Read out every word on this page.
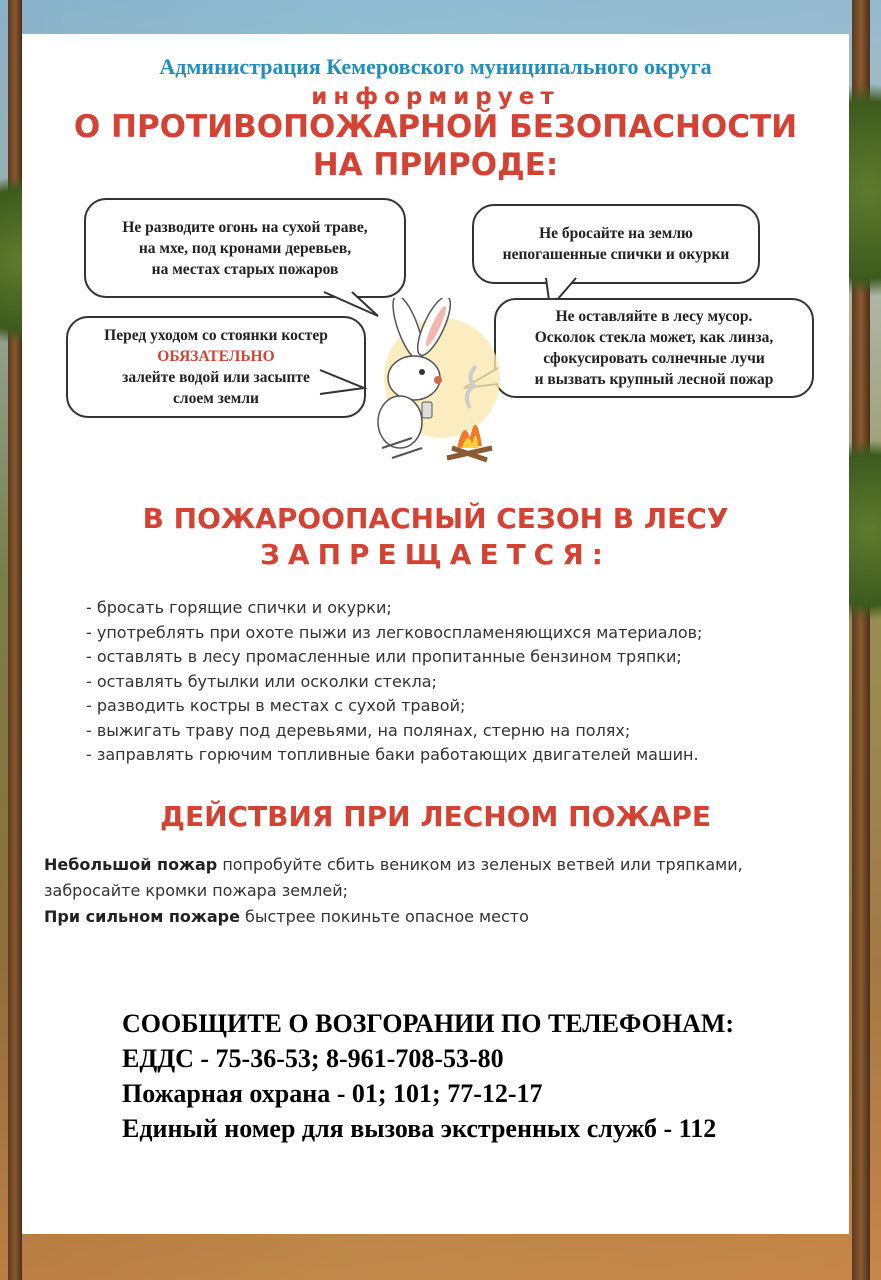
Администрация Кемеровского муниципального округа
информирует
О ПРОТИВОПОЖАРНОЙ БЕЗОПАСНОСТИ
НА ПРИРОДЕ:
Не разводите огонь на сухой траве,
на мхе, под кронами деревьев,
на местах старых пожаров
Не бросайте на землю
непогашенные спички и окурки
Перед уходом со стоянки костер
ОБЯЗАТЕЛЬНО
залейте водой или засыпте
слоем земли
Не оставляйте в лесу мусор.
Осколок стекла может, как линза,
сфокусировать солнечные лучи
и вызвать крупный лесной пожар
В ПОЖАРООПАСНЫЙ СЕЗОН В ЛЕСУ
ЗАПРЕЩАЕТСЯ:
- бросать горящие спички и окурки;
- употреблять при охоте пыжи из легковоспламеняющихся материалов;
- оставлять в лесу промасленные или пропитанные бензином тряпки;
- оставлять бутылки или осколки стекла;
- разводить костры в местах с сухой травой;
- выжигать траву под деревьями, на полянах, стерню на полях;
- заправлять горючим топливные баки работающих двигателей машин.
ДЕЙСТВИЯ ПРИ ЛЕСНОМ ПОЖАРЕ
Небольшой пожар попробуйте сбить веником из зеленых ветвей или тряпками,
забросайте кромки пожара землей;
При сильном пожаре быстрее покиньте опасное место
СООБЩИТЕ О ВОЗГОРАНИИ ПО ТЕЛЕФОНАМ:
ЕДДС - 75-36-53; 8-961-708-53-80
Пожарная охрана - 01; 101; 77-12-17
Единый номер для вызова экстренных служб - 112
